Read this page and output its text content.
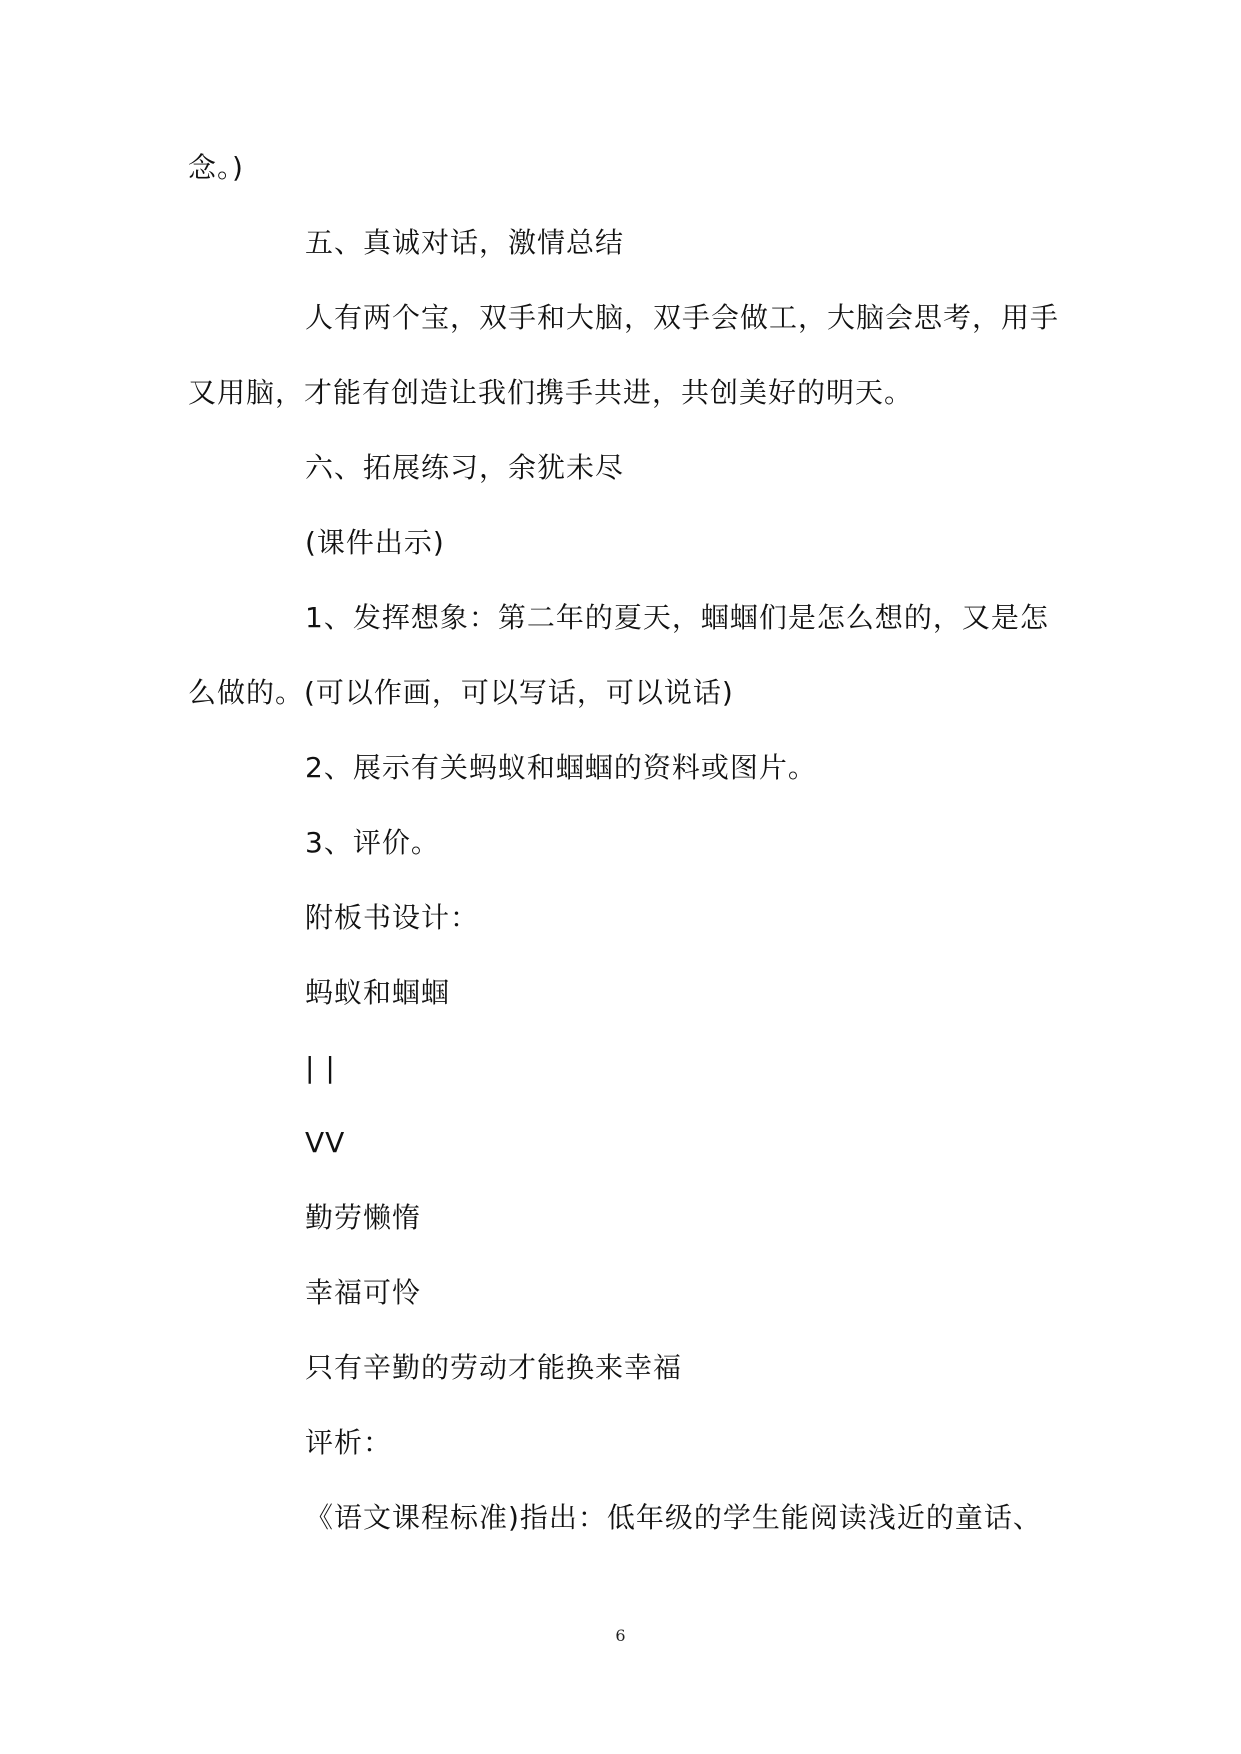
念。)
五、真诚对话，激情总结
人有两个宝，双手和大脑，双手会做工，大脑会思考，用手
又用脑，才能有创造让我们携手共进，共创美好的明天。
六、拓展练习，余犹未尽
(课件出示)
1、发挥想象：第二年的夏天，蝈蝈们是怎么想的，又是怎
么做的。(可以作画，可以写话，可以说话)
2、展示有关蚂蚁和蝈蝈的资料或图片。
3、评价。
附板书设计：
蚂蚁和蝈蝈
| |
VV
勤劳懒惰
幸福可怜
只有辛勤的劳动才能换来幸福
评析：
《语文课程标准)指出：低年级的学生能阅读浅近的童话、
6
